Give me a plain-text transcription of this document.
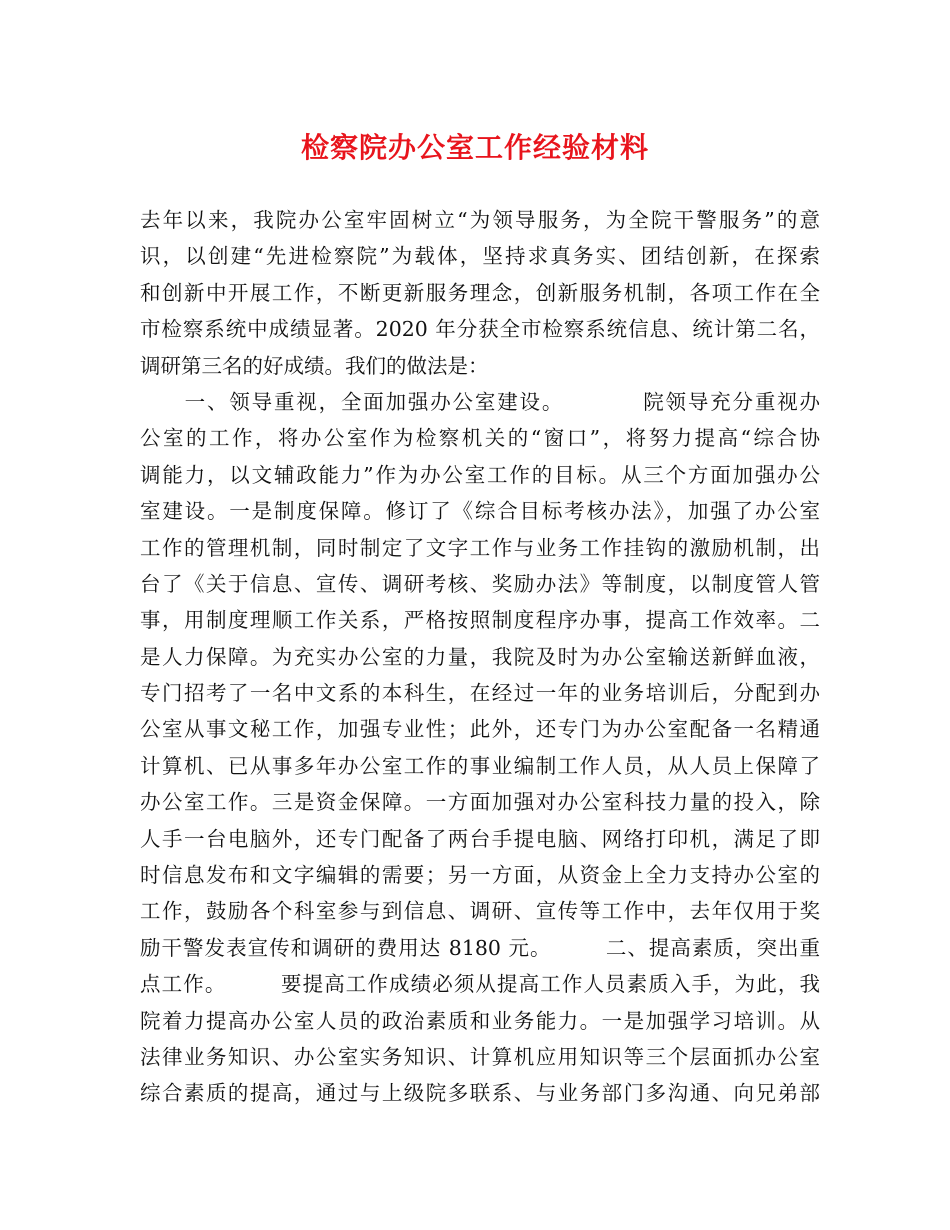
检察院办公室工作经验材料
去年以来，我院办公室牢固树立“为领导服务，为全院干警服务”的意
识，以创建“先进检察院”为载体，坚持求真务实、团结创新，在探索
和创新中开展工作，不断更新服务理念，创新服务机制，各项工作在全
市检察系统中成绩显著。2020 年分获全市检察系统信息、统计第二名，
调研第三名的好成绩。我们的做法是：
　　一、领导重视，全面加强办公室建设。　　　　院领导充分重视办
公室的工作，将办公室作为检察机关的“窗口”，将努力提高“综合协
调能力，以文辅政能力”作为办公室工作的目标。从三个方面加强办公
室建设。一是制度保障。修订了《综合目标考核办法》，加强了办公室
工作的管理机制，同时制定了文字工作与业务工作挂钩的激励机制，出
台了《关于信息、宣传、调研考核、奖励办法》等制度，以制度管人管
事，用制度理顺工作关系，严格按照制度程序办事，提高工作效率。二
是人力保障。为充实办公室的力量，我院及时为办公室输送新鲜血液，
专门招考了一名中文系的本科生，在经过一年的业务培训后，分配到办
公室从事文秘工作，加强专业性；此外，还专门为办公室配备一名精通
计算机、已从事多年办公室工作的事业编制工作人员，从人员上保障了
办公室工作。三是资金保障。一方面加强对办公室科技力量的投入，除
人手一台电脑外，还专门配备了两台手提电脑、网络打印机，满足了即
时信息发布和文字编辑的需要；另一方面，从资金上全力支持办公室的
工作，鼓励各个科室参与到信息、调研、宣传等工作中，去年仅用于奖
励干警发表宣传和调研的费用达 8180 元。　　　二、提高素质，突出重
点工作。　　　要提高工作成绩必须从提高工作人员素质入手，为此，我
院着力提高办公室人员的政治素质和业务能力。一是加强学习培训。从
法律业务知识、办公室实务知识、计算机应用知识等三个层面抓办公室
综合素质的提高，通过与上级院多联系、与业务部门多沟通、向兄弟部
